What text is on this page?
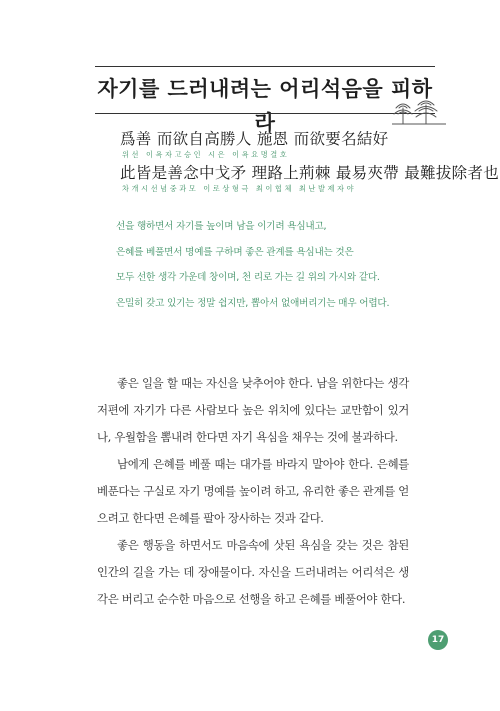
자기를 드러내려는 어리석음을 피하라
爲善 而欲自高勝人 施恩 而欲要名結好
위선 이욕자고승인 시은 이욕요명결호
此皆是善念中戈矛 理路上荊棘 最易夾帶 最難拔除者也
차개시선념중과모 이로상형극 최이협체 최난발제자야

선을 행하면서 자기를 높이며 남을 이기려 욕심내고,

은혜를 베풀면서 명예를 구하며 좋은 관계를 욕심내는 것은

모두 선한 생각 가운데 창이며, 천 리로 가는 길 위의 가시와 같다.

은밀히 갖고 있기는 정말 쉽지만, 뽑아서 없애버리기는 매우 어렵다.

좋은 일을 할 때는 자신을 낮추어야 한다. 남을 위한다는 생각 저편에 자기가 다른 사람보다 높은 위치에 있다는 교만함이 있거나, 우월함을 뽐내려 한다면 자기 욕심을 채우는 것에 불과하다.

남에게 은혜를 베풀 때는 대가를 바라지 말아야 한다. 은혜를 베푼다는 구실로 자기 명예를 높이려 하고, 유리한 좋은 관계를 얻으려고 한다면 은혜를 팔아 장사하는 것과 같다.

좋은 행동을 하면서도 마음속에 삿된 욕심을 갖는 것은 참된 인간의 길을 가는 데 장애물이다. 자신을 드러내려는 어리석은 생각은 버리고 순수한 마음으로 선행을 하고 은혜를 베풀어야 한다.

17
